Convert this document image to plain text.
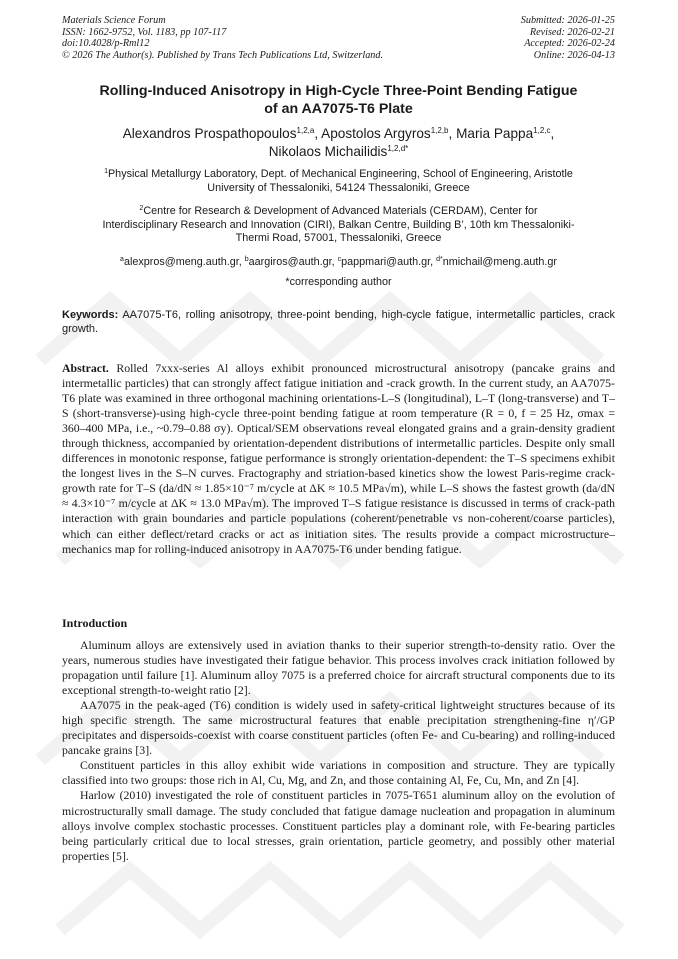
Materials Science Forum
ISSN: 1662-9752, Vol. 1183, pp 107-117
doi:10.4028/p-Rml12
© 2026 The Author(s). Published by Trans Tech Publications Ltd, Switzerland.
Submitted: 2026-01-25
Revised: 2026-02-21
Accepted: 2026-02-24
Online: 2026-04-13
Rolling-Induced Anisotropy in High-Cycle Three-Point Bending Fatigue
of an AA7075-T6 Plate
Alexandros Prospathopoulos$^{1,2,a}$, Apostolos Argyros$^{1,2,b}$, Maria Pappa$^{1,2,c}$,
Nikolaos Michailidis$^{1,2,d*}$
$^1$Physical Metallurgy Laboratory, Dept. of Mechanical Engineering, School of Engineering, Aristotle
University of Thessaloniki, 54124 Thessaloniki, Greece
$^2$Centre for Research & Development of Advanced Materials (CERDAM), Center for
Interdisciplinary Research and Innovation (CIRI), Balkan Centre, Building B’, 10th km Thessaloniki-
Thermi Road, 57001, Thessaloniki, Greece
$^a$alexpros@meng.auth.gr, $^b$aargiros@auth.gr, $^c$pappmari@auth.gr, $^{d*}$nmichail@meng.auth.gr
*corresponding author
Keywords: AA7075-T6, rolling anisotropy, three-point bending, high-cycle fatigue, intermetallic particles, crack growth.
Abstract. Rolled 7xxx-series Al alloys exhibit pronounced microstructural anisotropy (pancake grains and intermetallic particles) that can strongly affect fatigue initiation and -crack growth. In the current study, an AA7075-T6 plate was examined in three orthogonal machining orientations-L–S (longitudinal), L–T (long-transverse) and T–S (short-transverse)-using high-cycle three-point bending fatigue at room temperature (R = 0, f = 25 Hz, σmax = 360–400 MPa, i.e., ~0.79–0.88 σy). Optical/SEM observations reveal elongated grains and a grain-density gradient through thickness, accompanied by orientation-dependent distributions of intermetallic particles. Despite only small differences in monotonic response, fatigue performance is strongly orientation-dependent: the T–S specimens exhibit the longest lives in the S–N curves. Fractography and striation-based kinetics show the lowest Paris-regime crack-growth rate for T–S (da/dN ≈ 1.85×10⁻⁷ m/cycle at ΔK ≈ 10.5 MPa√m), while L–S shows the fastest growth (da/dN ≈ 4.3×10⁻⁷ m/cycle at ΔK ≈ 13.0 MPa√m). The improved T–S fatigue resistance is discussed in terms of crack-path interaction with grain boundaries and particle populations (coherent/penetrable vs non-coherent/coarse particles), which can either deflect/retard cracks or act as initiation sites. The results provide a compact microstructure–mechanics map for rolling-induced anisotropy in AA7075-T6 under bending fatigue.
Introduction

Aluminum alloys are extensively used in aviation thanks to their superior strength-to-density ratio. Over the years, numerous studies have investigated their fatigue behavior. This process involves crack initiation followed by propagation until failure [1]. Aluminum alloy 7075 is a preferred choice for aircraft structural components due to its exceptional strength-to-weight ratio [2].

AA7075 in the peak-aged (T6) condition is widely used in safety-critical lightweight structures because of its high specific strength. The same microstructural features that enable precipitation strengthening-fine η′/GP precipitates and dispersoids-coexist with coarse constituent particles (often Fe- and Cu-bearing) and rolling-induced pancake grains [3].

Constituent particles in this alloy exhibit wide variations in composition and structure. They are typically classified into two groups: those rich in Al, Cu, Mg, and Zn, and those containing Al, Fe, Cu, Mn, and Zn [4].

Harlow (2010) investigated the role of constituent particles in 7075-T651 aluminum alloy on the evolution of microstructurally small damage. The study concluded that fatigue damage nucleation and propagation in aluminum alloys involve complex stochastic processes. Constituent particles play a dominant role, with Fe-bearing particles being particularly critical due to local stresses, grain orientation, particle geometry, and possibly other material properties [5].
